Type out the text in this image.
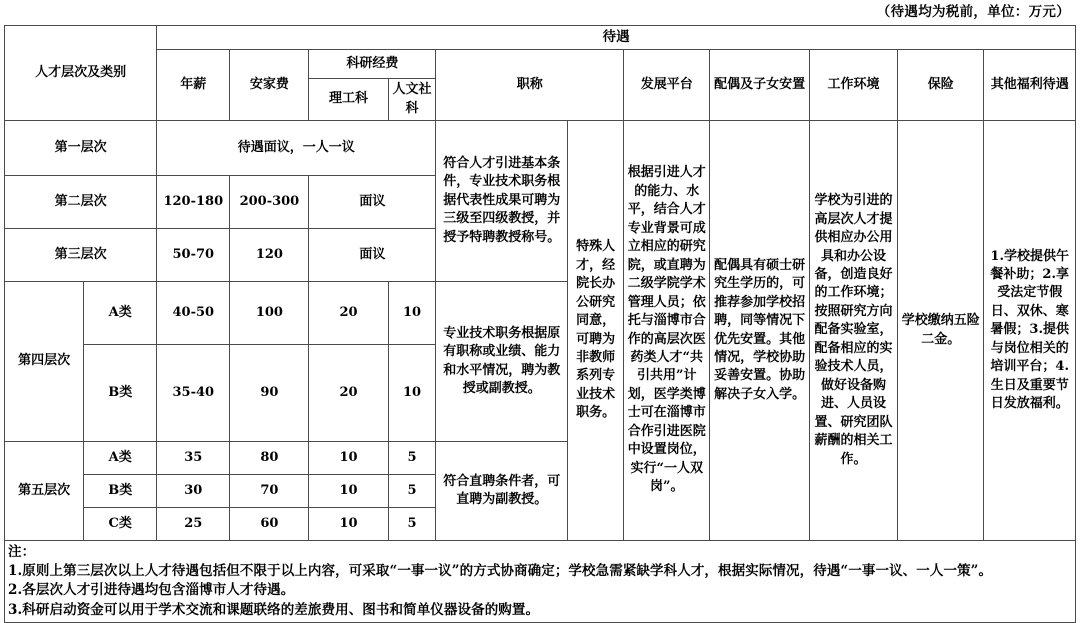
（待遇均为税前，单位：万元）
人才层次及类别		待遇										
		年薪	安家费	科研经费		职称		发展平台	配偶及子女安置	工作环境	保险	其他福利待遇
				理工科	人文社科							
第一层次		待遇面议，一人一议				符合人才引进基本条件，专业技术职务根据代表性成果可聘为三级至四级教授，并授予特聘教授称号。	特殊人才，经院长办公研究同意，可聘为非教师系列专业技术职务。	根据引进人才的能力、水平，结合人才专业背景可成立相应的研究院，或直聘为二级学院学术管理人员；依托与淄博市合作的高层次医药类人才“共引共用”计划，医学类博士可在淄博市合作引进医院中设置岗位，实行“一人双岗”。	配偶具有硕士研究生学历的，可推荐参加学校招聘，同等情况下优先安置。其他情况，学校协助妥善安置。协助解决子女入学。	学校为引进的高层次人才提供相应办公用具和办公设备，创造良好的工作环境；按照研究方向配备实验室，配备相应的实验技术人员，做好设备购进、人员设置、研究团队薪酬的相关工作。	学校缴纳五险二金。	1.学校提供午餐补助；2.享受法定节假日、双休、寒暑假；3.提供与岗位相关的培训平台；4.生日及重要节日发放福利。
第二层次		120-180	200-300	面议								
第三层次		50-70	120	面议								
第四层次	A类	40-50	100	20	10	专业技术职务根据原有职称或业绩、能力和水平情况，聘为教授或副教授。						
	B类	35-40	90	20	10							
第五层次	A类	35	80	10	5	符合直聘条件者，可直聘为副教授。						
	B类	30	70	10	5							
	C类	25	60	10	5							

注：
1.原则上第三层次以上人才待遇包括但不限于以上内容，可采取“一事一议”的方式协商确定；学校急需紧缺学科人才，根据实际情况，待遇“一事一议、一人一策”。
2.各层次人才引进待遇均包含淄博市人才待遇。
3.科研启动资金可以用于学术交流和课题联络的差旅费用、图书和简单仪器设备的购置。												
